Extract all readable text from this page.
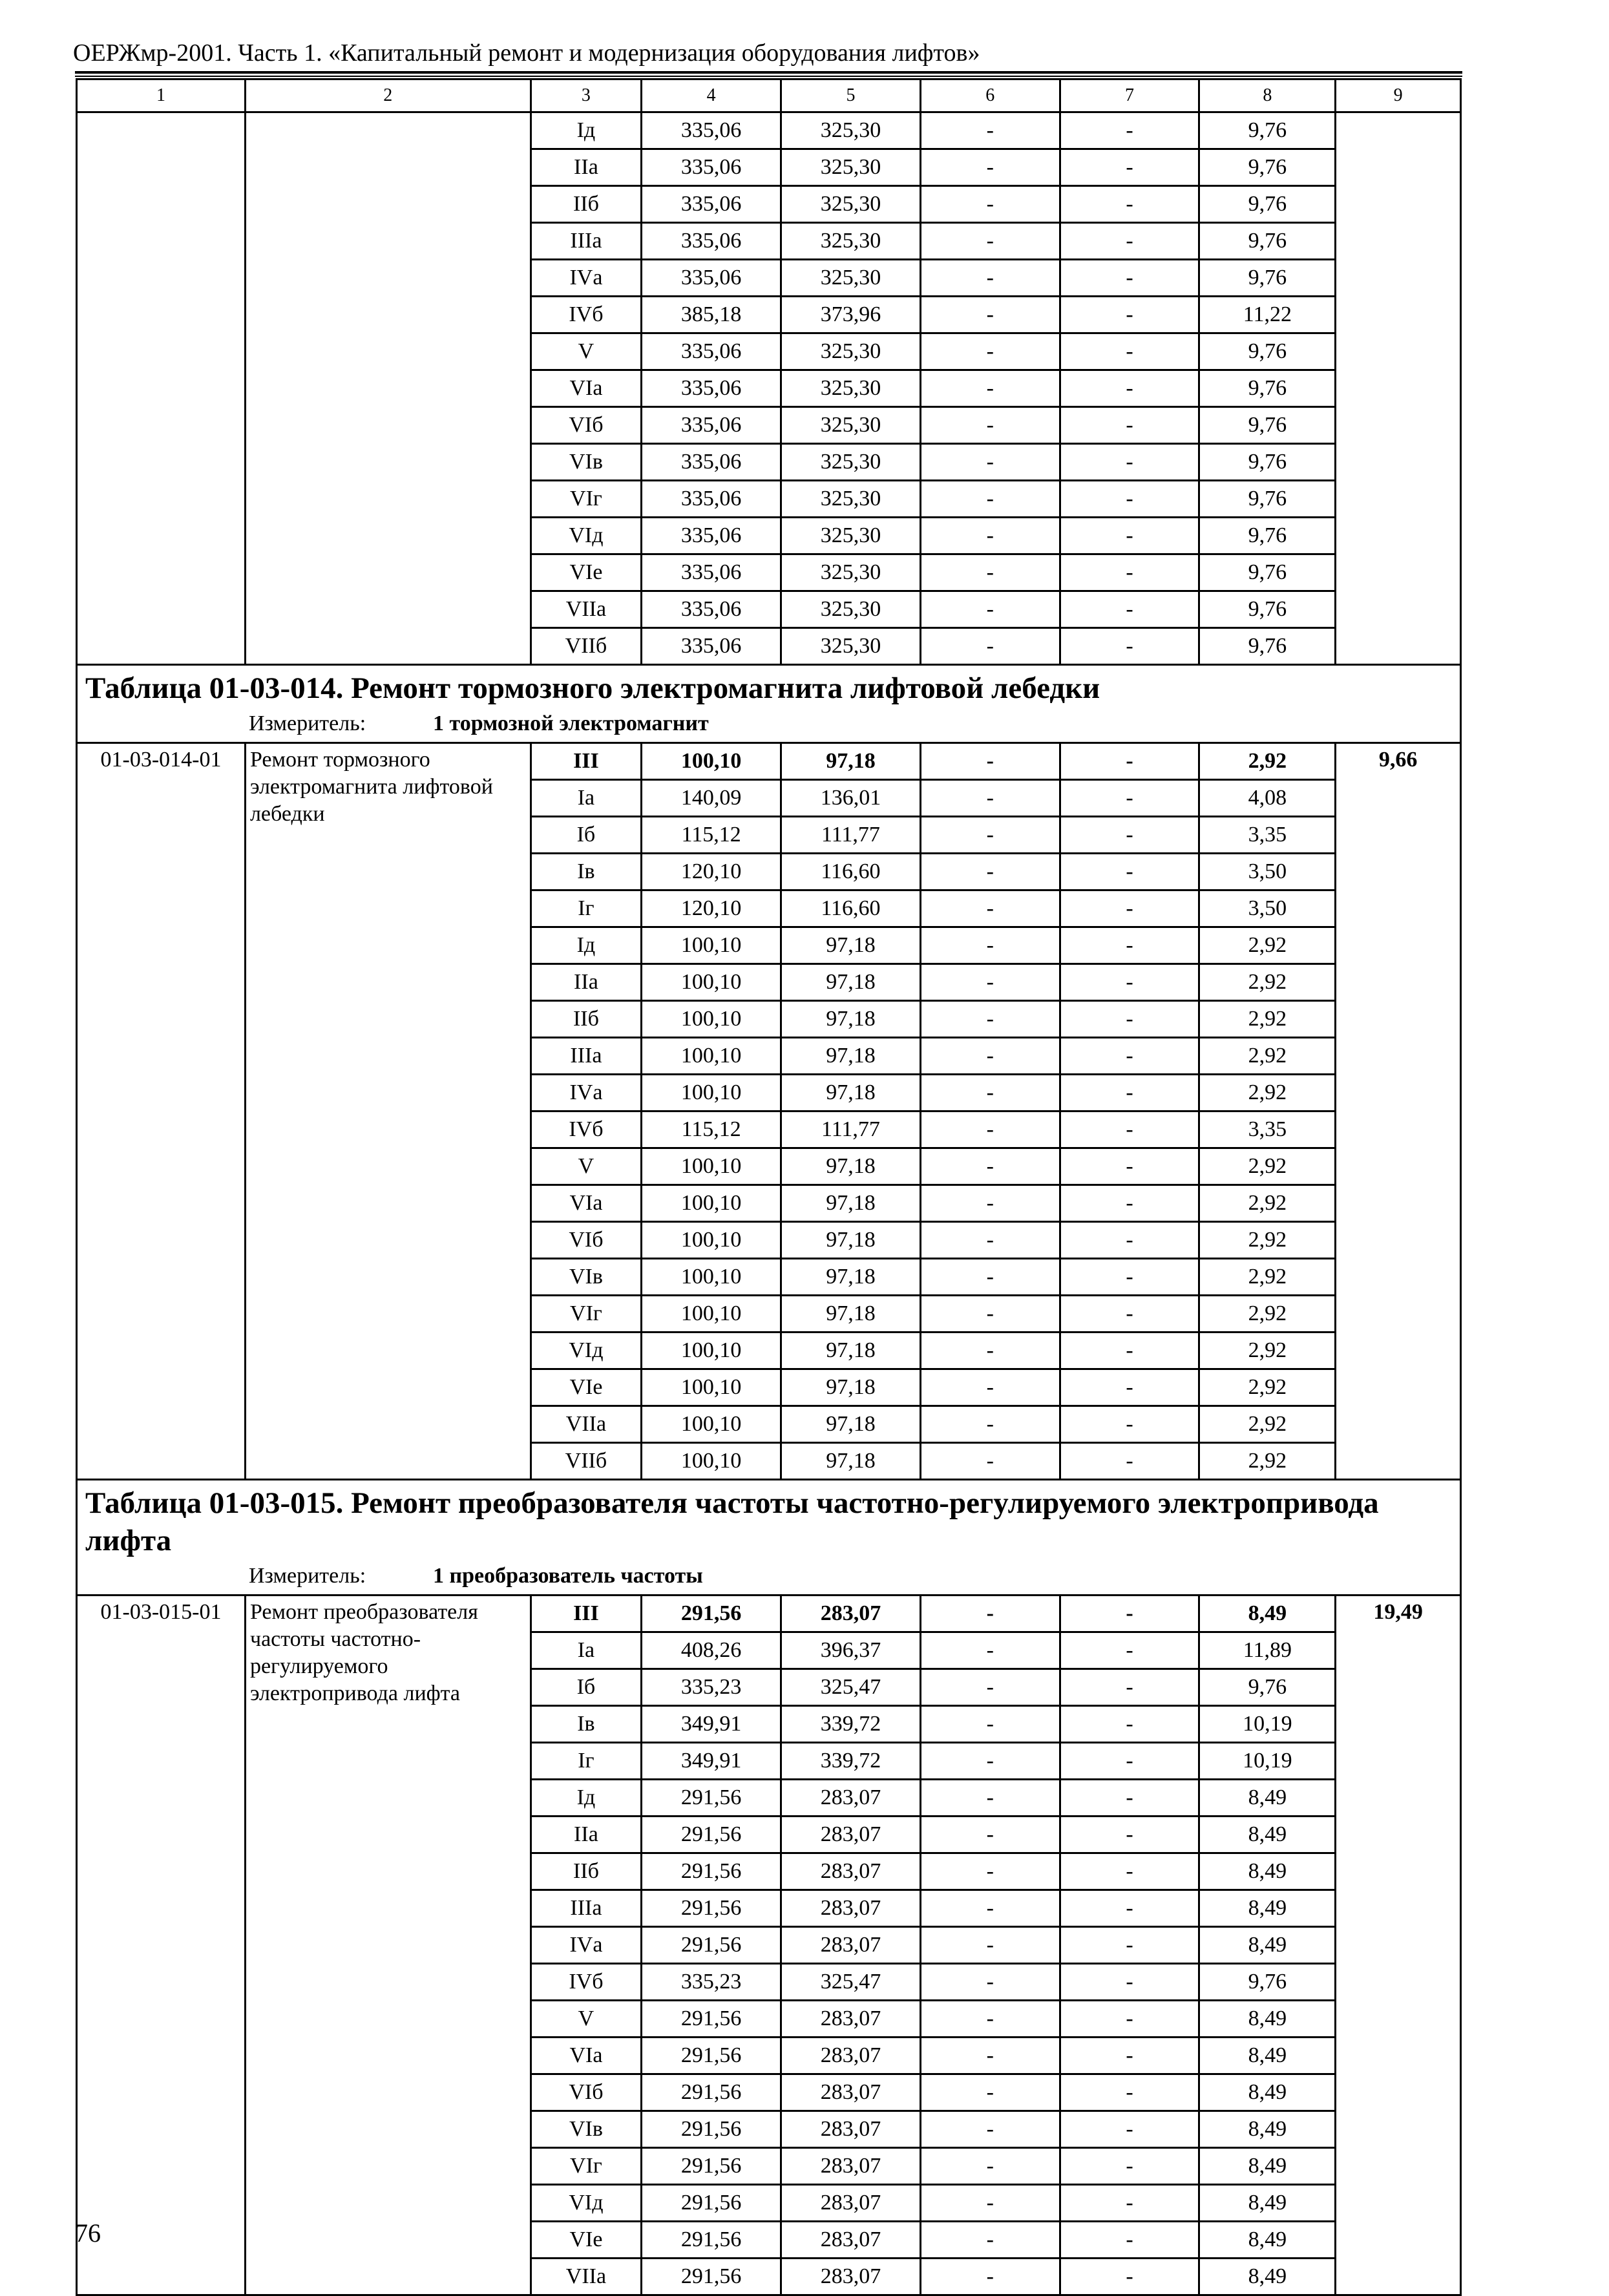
ОЕРЖмр-2001. Часть 1. «Капитальный ремонт и модернизация оборудования лифтов»
1	2	3	4	5	6	7	8	9
		Iд	335,06	325,30	-	-	9,76	
		IIа	335,06	325,30	-	-	9,76	
		IIб	335,06	325,30	-	-	9,76	
		IIIа	335,06	325,30	-	-	9,76	
		IVа	335,06	325,30	-	-	9,76	
		IVб	385,18	373,96	-	-	11,22	
		V	335,06	325,30	-	-	9,76	
		VIа	335,06	325,30	-	-	9,76	
		VIб	335,06	325,30	-	-	9,76	
		VIв	335,06	325,30	-	-	9,76	
		VIг	335,06	325,30	-	-	9,76	
		VIд	335,06	325,30	-	-	9,76	
		VIе	335,06	325,30	-	-	9,76	
		VIIа	335,06	325,30	-	-	9,76	
		VIIб	335,06	325,30	-	-	9,76	

Таблица 01-03-014. Ремонт тормозного электромагнита лифтовой лебедки
Измеритель: 1 тормозной электромагнит								

01-03-014-01	Ремонт тормозного электромагнита лифтовой лебедки	III	100,10	97,18	-	-	2,92	9,66
		Iа	140,09	136,01	-	-	4,08	
		Iб	115,12	111,77	-	-	3,35	
		Iв	120,10	116,60	-	-	3,50	
		Iг	120,10	116,60	-	-	3,50	
		Iд	100,10	97,18	-	-	2,92	
		IIа	100,10	97,18	-	-	2,92	
		IIб	100,10	97,18	-	-	2,92	
		IIIа	100,10	97,18	-	-	2,92	
		IVа	100,10	97,18	-	-	2,92	
		IVб	115,12	111,77	-	-	3,35	
		V	100,10	97,18	-	-	2,92	
		VIа	100,10	97,18	-	-	2,92	
		VIб	100,10	97,18	-	-	2,92	
		VIв	100,10	97,18	-	-	2,92	
		VIг	100,10	97,18	-	-	2,92	
		VIд	100,10	97,18	-	-	2,92	
		VIе	100,10	97,18	-	-	2,92	
		VIIа	100,10	97,18	-	-	2,92	
		VIIб	100,10	97,18	-	-	2,92	

Таблица 01-03-015. Ремонт преобразователя частоты частотно-регулируемого электропривода лифта
Измеритель: 1 преобразователь частоты								

01-03-015-01	Ремонт преобразователя частоты частотно-регулируемого электропривода лифта	III	291,56	283,07	-	-	8,49	19,49
		Iа	408,26	396,37	-	-	11,89	
		Iб	335,23	325,47	-	-	9,76	
		Iв	349,91	339,72	-	-	10,19	
		Iг	349,91	339,72	-	-	10,19	
		Iд	291,56	283,07	-	-	8,49	
		IIа	291,56	283,07	-	-	8,49	
		IIб	291,56	283,07	-	-	8,49	
		IIIа	291,56	283,07	-	-	8,49	
		IVа	291,56	283,07	-	-	8,49	
		IVб	335,23	325,47	-	-	9,76	
		V	291,56	283,07	-	-	8,49	
		VIа	291,56	283,07	-	-	8,49	
		VIб	291,56	283,07	-	-	8,49	
		VIв	291,56	283,07	-	-	8,49	
		VIг	291,56	283,07	-	-	8,49	
		VIд	291,56	283,07	-	-	8,49	
		VIе	291,56	283,07	-	-	8,49	
		VIIа	291,56	283,07	-	-	8,49	
76
